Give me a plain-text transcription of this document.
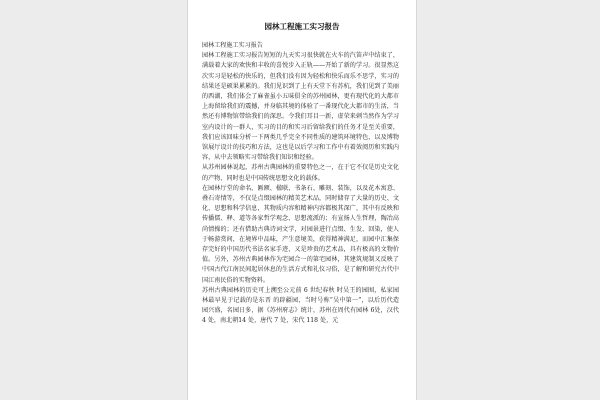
园林工程施工实习报告

园林工程施工实习报告

园林工程施工实习报告短短的九天实习很快就在火车的汽笛声中结束了，满载着大家的欢快和丰收的喜悦步入正轨——开始了新的学习。很显然这次实习是轻松的快乐的，但我们没有因为轻松和快乐而乐不思学，实习的结果还是硕果累累的。我们见识到了上有天堂下有苏杭，我们见到了美丽的西湖，我们体会了麻雀虽小五味俱全的苏州园林，更有现代化的大都市上海留给我们的震撼，并身临其境的体验了一番现代化大都市的生活，当然还有博物馆带给我们的深思。令我们耳目一新，虚荣来刺当然作为学习室内设计的一群人，实习的目的和实习后留给我们的任务才是至关重要，我们应该回味分析一下两类几乎完全不同性质的建筑环境特色，以及博物馆展厅设计的技巧和方法，这也是以后学习和工作中有着效阅历和实践内容，从中去领略实习带给我们知识和经验。

从苏州园林说起，苏州古典园林的重要特色之一，在于它不仅是历史文化的产物，同时也是中国传统思想文化的载体。

在园林厅堂的命名、匾额、楹联、书条石、雕刻、装饰，以及花木寓意、叠石寄情等，不仅是点缀园林的精美艺术品，同时储存了大量的历史、文化、思想和科学信息，其物质内容和精神内容都极其深广，其中有反映和传播儒、释、道等各家哲学观念、思想流派的；有宣扬人生哲理，陶冶高尚情操的；还有借助古典诗词文学，对园景进行点缀、生发、回染，使人于畅游赏间，在境界中品味，产生意境美，获得精神满足，而园中汇集保存完好的中国历代书法名家手迹，又是珍贵的艺术品，具有极高的文物价值。另外，苏州古典园林作为宅园合一的第宅园林，其建筑规制又反映了中国古代江南民间起居休息的生活方式和礼仪习俗，是了解和研究古代中国江南民俗的实物资料。

苏州古典园林的历史可上溯至公元前 6 世纪春秋 时吴王的园囿，私家园林最早见于记载的是东晋 的辟疆园，当时号称“吴中第一”，以后历代造园兴盛，名园日多，据《苏州府志》统计，苏州在周代有园林 6处，汉代 4 处，南北朝14 处，唐代 7 处，宋代 118 处，元
